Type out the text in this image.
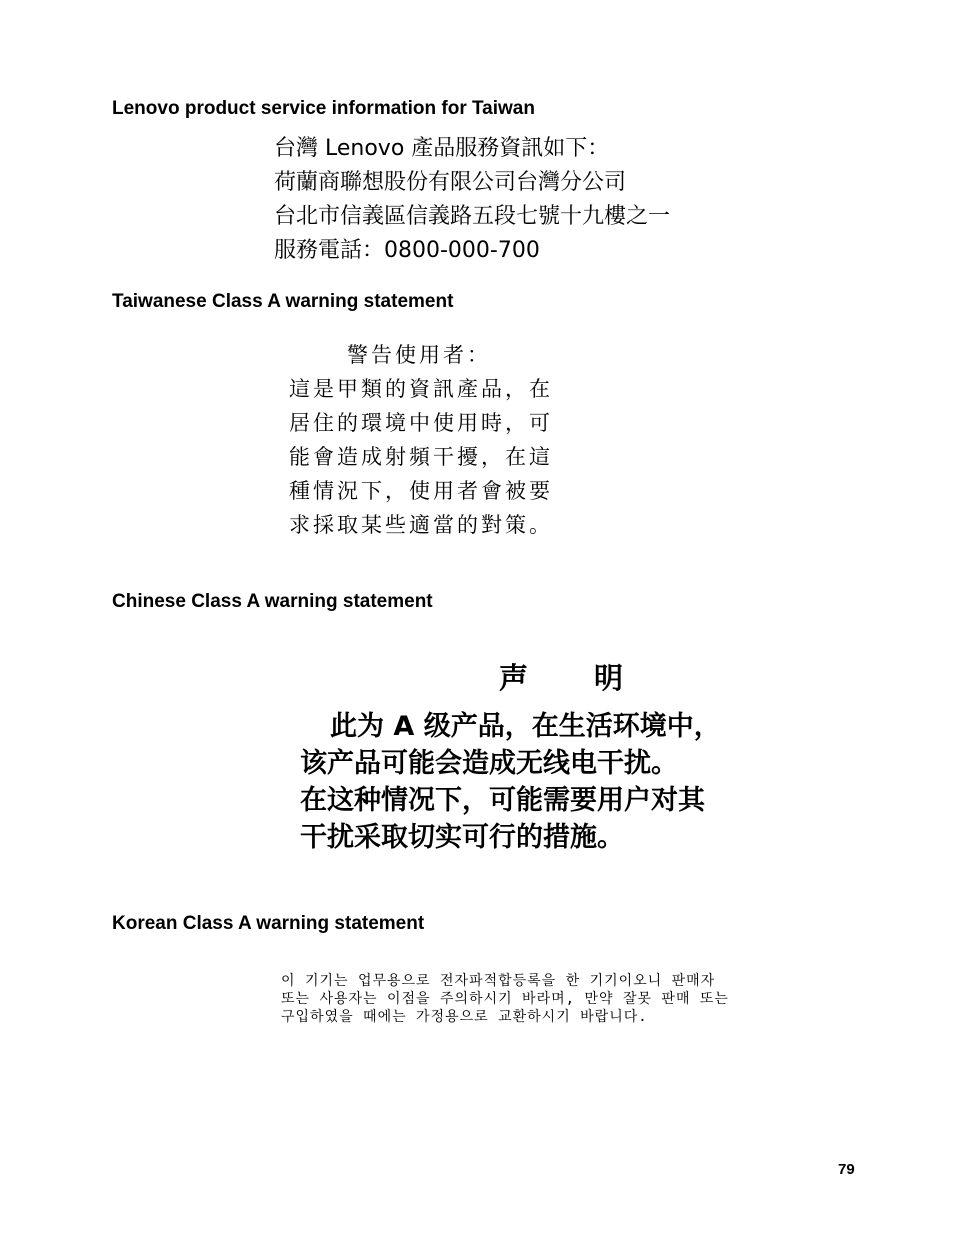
Lenovo product service information for Taiwan
台灣 Lenovo 產品服務資訊如下：
荷蘭商聯想股份有限公司台灣分公司
台北市信義區信義路五段七號十九樓之一
服務電話：0800-000-700
Taiwanese Class A warning statement
警告使用者：
這是甲類的資訊產品，在
居住的環境中使用時，可
能會造成射頻干擾，在這
種情況下，使用者會被要
求採取某些適當的對策。
Chinese Class A warning statement
声 明
此为 A 级产品，在生活环境中，
该产品可能会造成无线电干扰。
在这种情况下，可能需要用户对其
干扰采取切实可行的措施。
Korean Class A warning statement
이 기기는 업무용으로 전자파적합등록을 한 기기이오니 판매자
또는 사용자는 이점을 주의하시기 바라며, 만약 잘못 판매 또는
구입하였을 때에는 가정용으로 교환하시기 바랍니다.
79
